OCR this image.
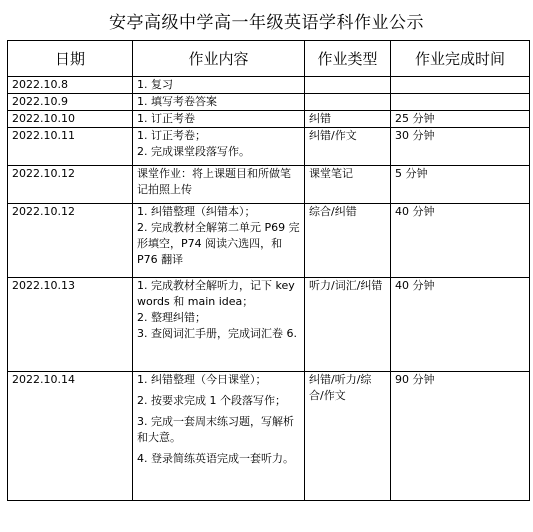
安亭高级中学高一年级英语学科作业公示
日期	作业内容	作业类型	作业完成时间
2022.10.8	1. 复习		

2022.10.9	1. 填写考卷答案		

2022.10.10	1. 订正考卷	纠错	25 分钟
2022.10.11	1. 订正考卷；
2. 完成课堂段落写作。	纠错/作文	30 分钟
2022.10.12	课堂作业：将上课题目和所做笔记拍照上传	课堂笔记	5 分钟
2022.10.12	1. 纠错整理（纠错本）；
2. 完成教材全解第二单元 P69 完形填空，P74 阅读六选四，和 P76 翻译	综合/纠错	40 分钟
2022.10.13	1. 完成教材全解听力，记下 key words 和 main idea；
2. 整理纠错；
3. 查阅词汇手册，完成词汇卷 6.	听力/词汇/纠错	40 分钟
2022.10.14	1. 纠错整理（今日课堂）；
2. 按要求完成 1 个段落写作；
3. 完成一套周末练习题，写解析和大意。
4. 登录简练英语完成一套听力。	纠错/听力/综合/作文	90 分钟
